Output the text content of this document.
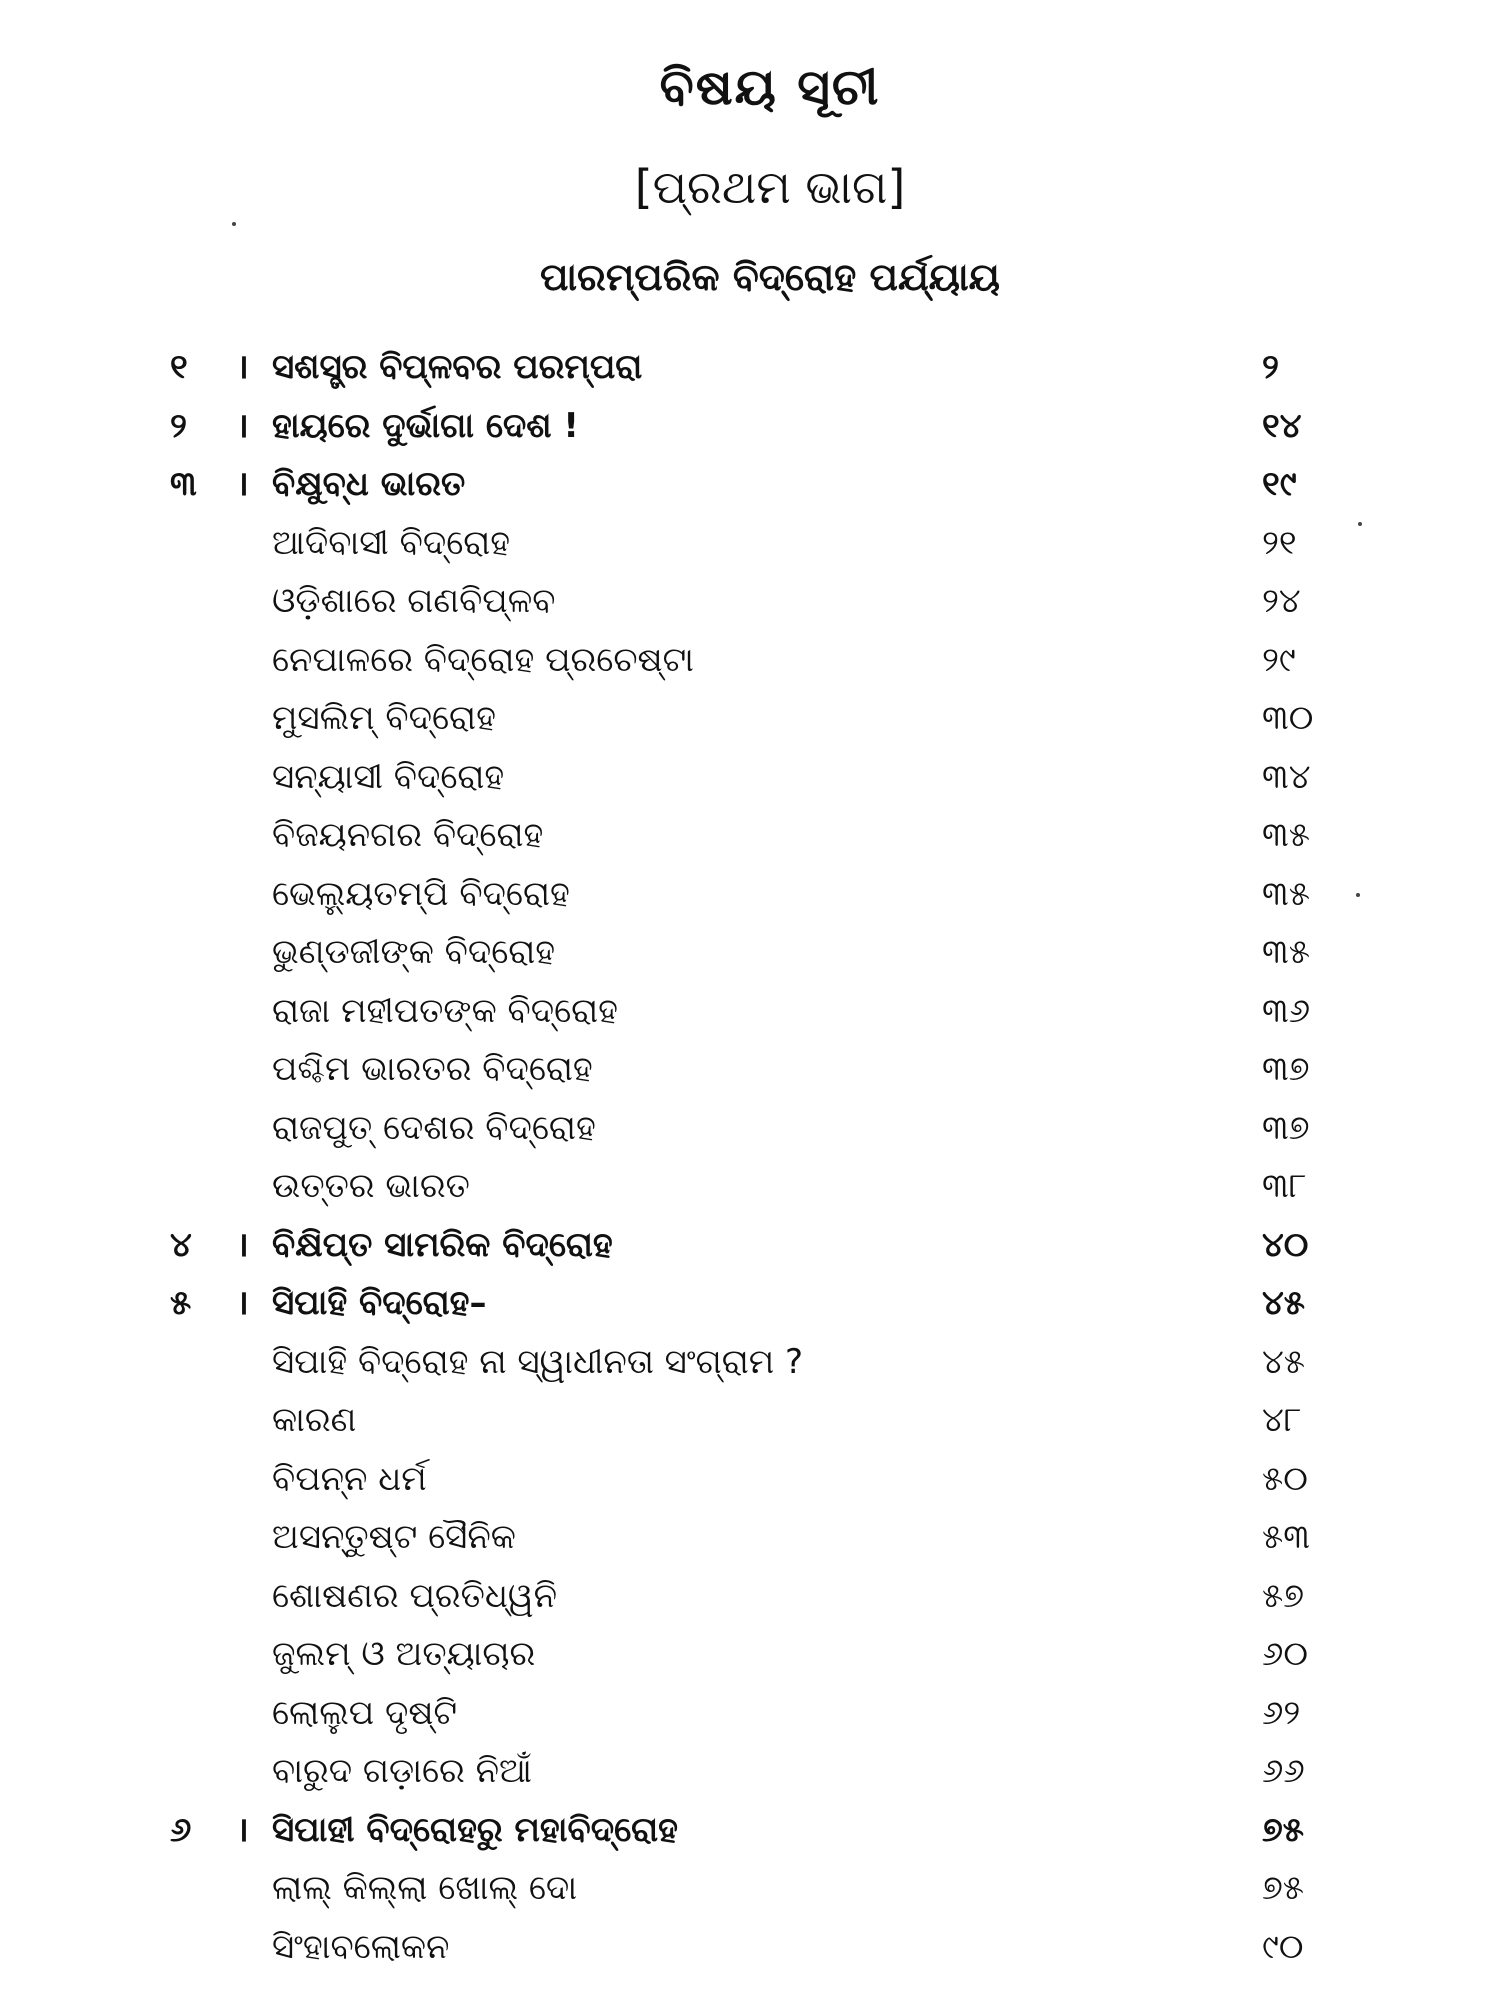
ବିଷୟ ସୂଚୀ
[ପ୍ରଥମ ଭାଗ]
ପାରମ୍ପରିକ ବିଦ୍ରୋହ ପର୍ଯ୍ୟାୟ
୧	। ସଶସ୍ତ୍ର ବିପ୍ଳବର ପରମ୍ପରା	୨
୨	। ହାୟରେ ଦୁର୍ଭାଗା ଦେଶ !	୧୪
୩	। ବିକ୍ଷୁବ୍ଧ ଭାରତ	୧୯
ଆଦିବାସୀ ବିଦ୍ରୋହ	୨୧
ଓଡ଼ିଶାରେ ଗଣବିପ୍ଳବ	୨୪
ନେପାଳରେ ବିଦ୍ରୋହ ପ୍ରଚେଷ୍ଟା	୨୯
ମୁସଲିମ୍ ବିଦ୍ରୋହ	୩୦
ସନ୍ୟାସୀ ବିଦ୍ରୋହ	୩୪
ବିଜୟନଗର ବିଦ୍ରୋହ	୩୫
ଭେଲୁ୍ୟତମ୍ପି ବିଦ୍ରୋହ	୩୫
ଭୁଣ୍ଡଜୀଙ୍କ ବିଦ୍ରୋହ	୩୫
ରାଜା ମହୀପତଙ୍କ ବିଦ୍ରୋହ	୩୬
ପଶ୍ଚିମ ଭାରତର ବିଦ୍ରୋହ	୩୭
ରାଜପୁତ୍ ଦେଶର ବିଦ୍ରୋହ	୩୭
ଉତ୍ତର ଭାରତ	୩୮
୪	। ବିକ୍ଷିପ୍ତ ସାମରିକ ବିଦ୍ରୋହ	୪୦
୫	। ସିପାହି ବିଦ୍ରୋହ–	୪୫
ସିପାହି ବିଦ୍ରୋହ ନା ସ୍ୱାଧୀନତା ସଂଗ୍ରାମ ?	୪୫
କାରଣ	୪୮
ବିପନ୍ନ ଧର୍ମ	୫୦
ଅସନ୍ତୁଷ୍ଟ ସୈନିକ	୫୩
ଶୋଷଣର ପ୍ରତିଧ୍ୱନି	୫୭
ଜୁଲମ୍ ଓ ଅତ୍ୟାଚାର	୬୦
ଲୋଲୁପ ଦୃଷ୍ଟି	୬୨
ବାରୁଦ ଗଡ଼ାରେ ନିଆଁ	୬୬
୬	। ସିପାହୀ ବିଦ୍ରୋହରୁ ମହାବିଦ୍ରୋହ	୭୫
ଲାଲ୍ କିଲ୍ଲା ଖୋଲ୍ ଦୋ	୭୫
ସିଂହାବଲୋକନ	୯୦
